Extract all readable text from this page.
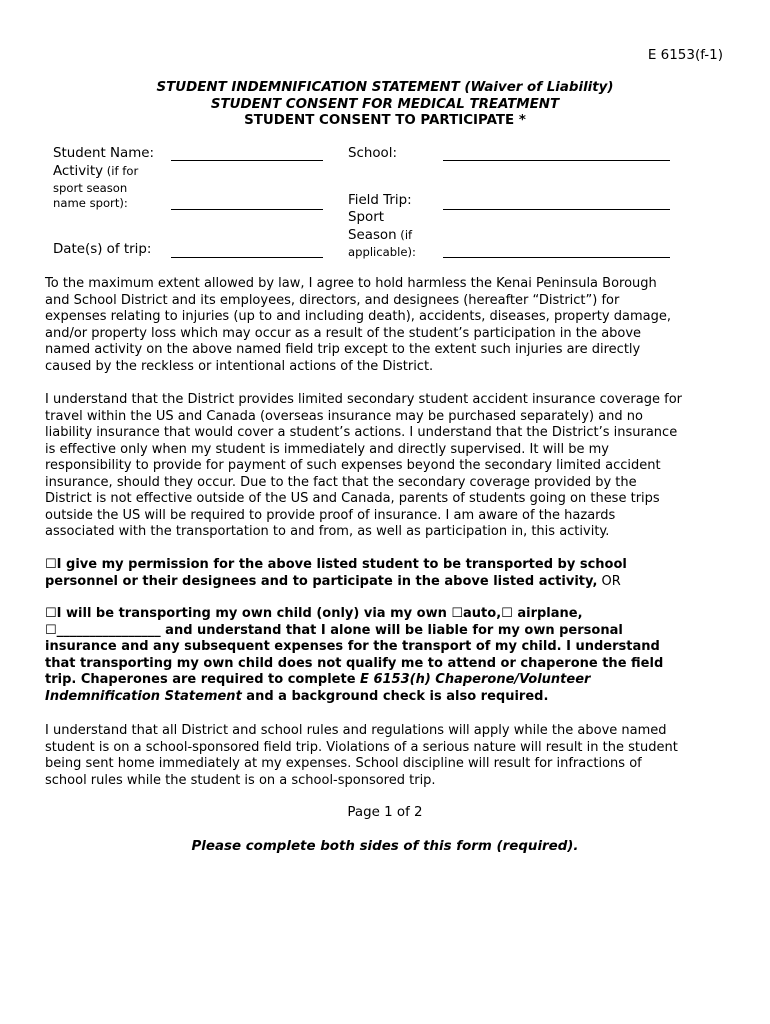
E 6153(f-1)
STUDENT INDEMNIFICATION STATEMENT (Waiver of Liability)
STUDENT CONSENT FOR MEDICAL TREATMENT
STUDENT CONSENT TO PARTICIPATE *
Student Name:
Activity (if for
sport season
name sport):
Date(s) of trip:
School:
Field Trip:
Sport
Season (if
applicable):
To the maximum extent allowed by law, I agree to hold harmless the Kenai Peninsula Borough
and School District and its employees, directors, and designees (hereafter “District”) for
expenses relating to injuries (up to and including death), accidents, diseases, property damage,
and/or property loss which may occur as a result of the student’s participation in the above
named activity on the above named field trip except to the extent such injuries are directly
caused by the reckless or intentional actions of the District.
I understand that the District provides limited secondary student accident insurance coverage for
travel within the US and Canada (overseas insurance may be purchased separately) and no
liability insurance that would cover a student’s actions. I understand that the District’s insurance
is effective only when my student is immediately and directly supervised. It will be my
responsibility to provide for payment of such expenses beyond the secondary limited accident
insurance, should they occur. Due to the fact that the secondary coverage provided by the
District is not effective outside of the US and Canada, parents of students going on these trips
outside the US will be required to provide proof of insurance. I am aware of the hazards
associated with the transportation to and from, as well as participation in, this activity.
☐I give my permission for the above listed student to be transported by school
personnel or their designees and to participate in the above listed activity, OR
☐I will be transporting my own child (only) via my own ☐auto,☐ airplane,
☐________________ and understand that I alone will be liable for my own personal
insurance and any subsequent expenses for the transport of my child. I understand
that transporting my own child does not qualify me to attend or chaperone the field
trip. Chaperones are required to complete E 6153(h) Chaperone/Volunteer
Indemnification Statement and a background check is also required.
I understand that all District and school rules and regulations will apply while the above named
student is on a school-sponsored field trip. Violations of a serious nature will result in the student
being sent home immediately at my expenses. School discipline will result for infractions of
school rules while the student is on a school-sponsored trip.
Page 1 of 2
Please complete both sides of this form (required).
